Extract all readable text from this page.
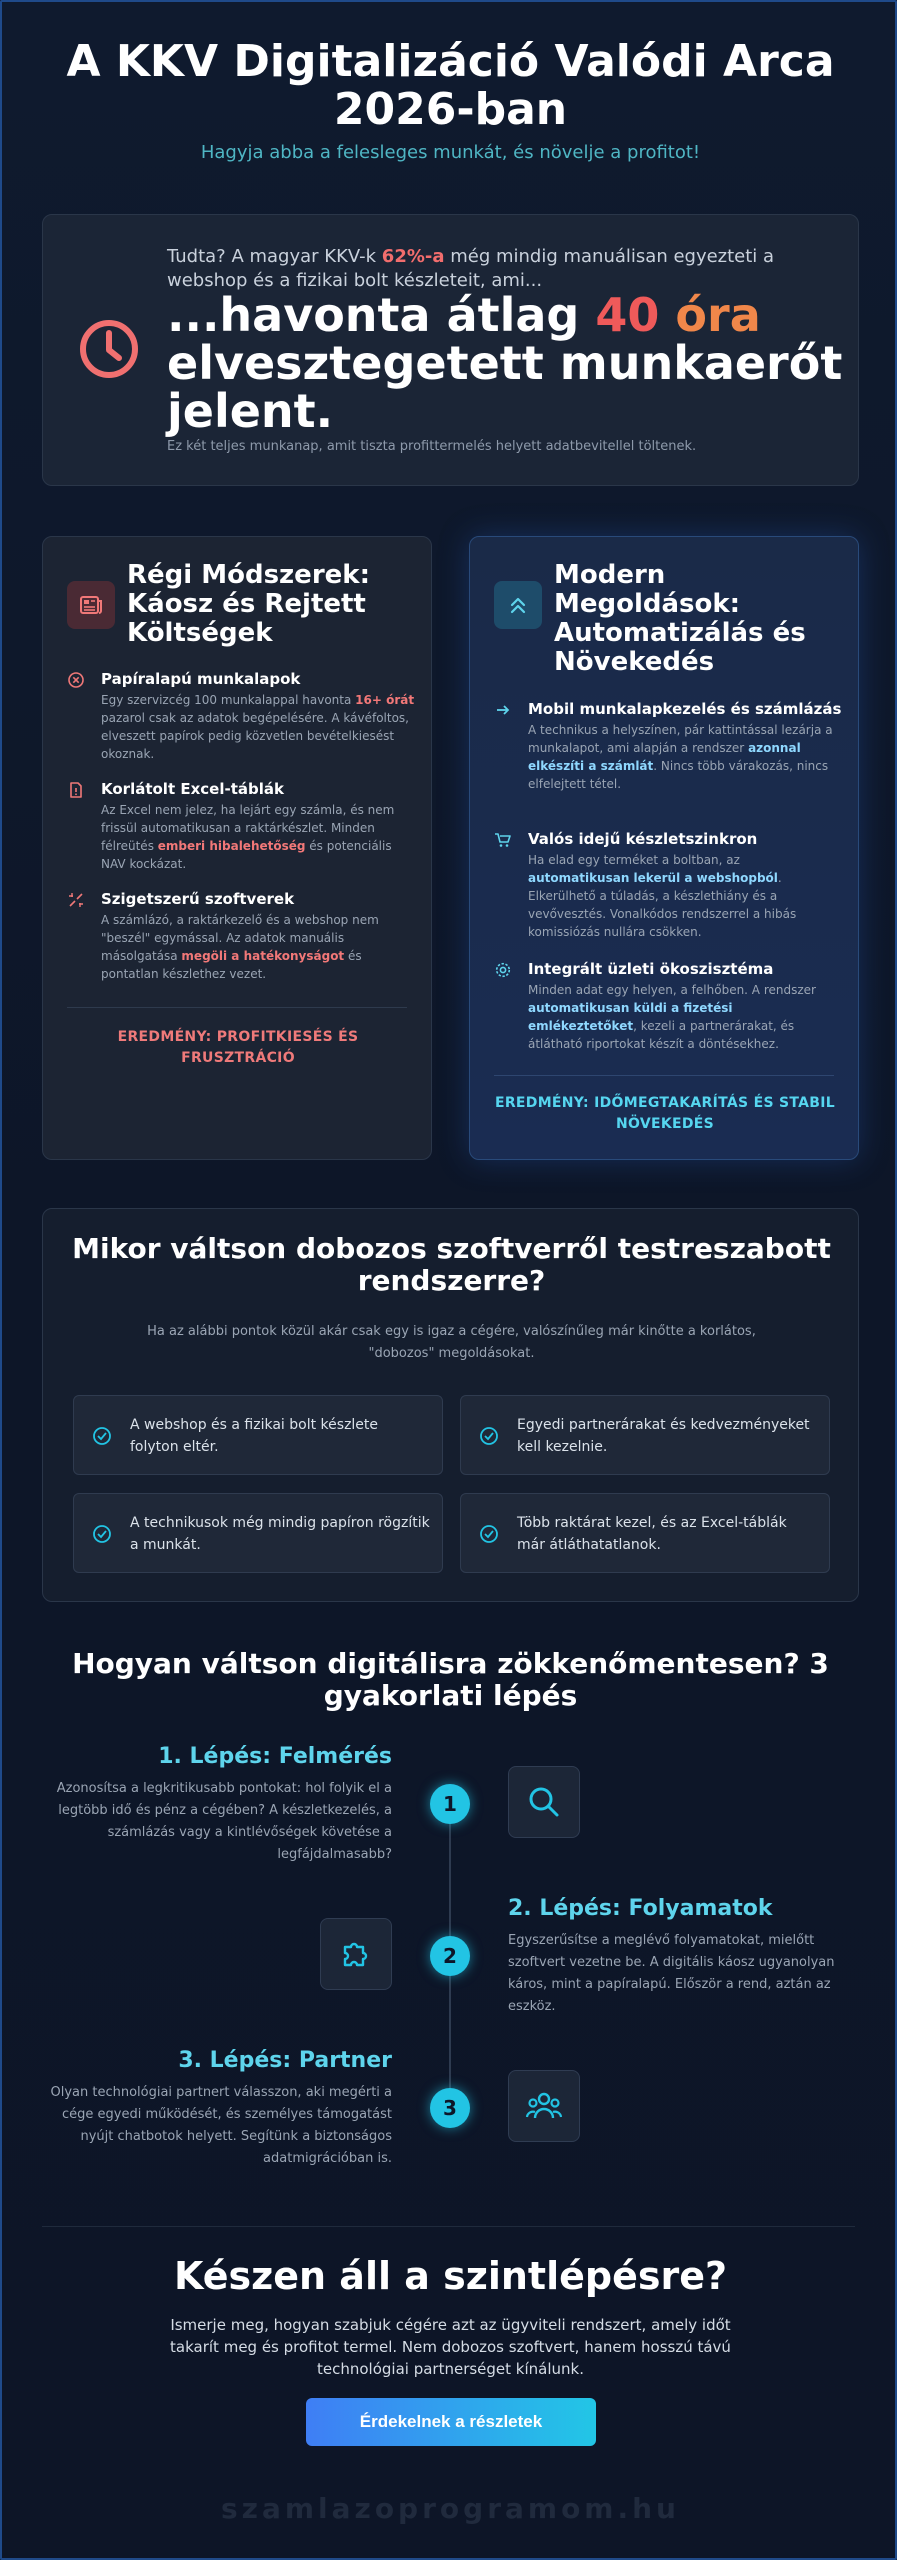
A KKV Digitalizáció Valódi Arca 2026-ban
Hagyja abba a felesleges munkát, és növelje a profitot!
Tudta? A magyar KKV-k 62%-a még mindig manuálisan egyezteti a webshop és a fizikai bolt készleteit, ami...
...havonta átlag 40 óra
elvesztegetett munkaerőt jelent.
Ez két teljes munkanap, amit tiszta profittermelés helyett adatbevitellel töltenek.
Régi Módszerek: Káosz és Rejtett Költségek
Papíralapú munkalapok
Egy szervizcég 100 munkalappal havonta 16+ órát pazarol csak az adatok begépelésére. A kávéfoltos, elveszett papírok pedig közvetlen bevételkiesést okoznak.
Korlátolt Excel-táblák
Az Excel nem jelez, ha lejárt egy számla, és nem frissül automatikusan a raktárkészlet. Minden félreütés emberi hibalehetőség és potenciális NAV kockázat.
Szigetszerű szoftverek
A számlázó, a raktárkezelő és a webshop nem "beszél" egymással. Az adatok manuális másolgatása megöli a hatékonyságot és pontatlan készlethez vezet.
EREDMÉNY: PROFITKIESÉS ÉS FRUSZTRÁCIÓ
Modern Megoldások: Automatizálás és Növekedés
Mobil munkalapkezelés és számlázás
A technikus a helyszínen, pár kattintással lezárja a munkalapot, ami alapján a rendszer azonnal elkészíti a számlát. Nincs több várakozás, nincs elfelejtett tétel.
Valós idejű készletszinkron
Ha elad egy terméket a boltban, az automatikusan lekerül a webshopból. Elkerülhető a túladás, a készlethiány és a vevővesztés. Vonalkódos rendszerrel a hibás komissiózás nullára csökken.
Integrált üzleti ökoszisztéma
Minden adat egy helyen, a felhőben. A rendszer automatikusan küldi a fizetési emlékeztetőket, kezeli a partnerárakat, és átlátható riportokat készít a döntésekhez.
EREDMÉNY: IDŐMEGTAKARÍTÁS ÉS STABIL NÖVEKEDÉS
Mikor váltson dobozos szoftverről testreszabott rendszerre?
Ha az alábbi pontok közül akár csak egy is igaz a cégére, valószínűleg már kinőtte a korlátos, "dobozos" megoldásokat.
A webshop és a fizikai bolt készlete folyton eltér.
Egyedi partnerárakat és kedvezményeket kell kezelnie.
A technikusok még mindig papíron rögzítik a munkát.
Több raktárat kezel, és az Excel-táblák már átláthatatlanok.
Hogyan váltson digitálisra zökkenőmentesen? 3 gyakorlati lépés
1. Lépés: Felmérés
Azonosítsa a legkritikusabb pontokat: hol folyik el a legtöbb idő és pénz a cégében? A készletkezelés, a számlázás vagy a kintlévőségek követése a legfájdalmasabb?
1
2
2. Lépés: Folyamatok
Egyszerűsítse a meglévő folyamatokat, mielőtt szoftvert vezetne be. A digitális káosz ugyanolyan káros, mint a papíralapú. Először a rend, aztán az eszköz.
3. Lépés: Partner
Olyan technológiai partnert válasszon, aki megérti a cége egyedi működését, és személyes támogatást nyújt chatbotok helyett. Segítünk a biztonságos adatmigrációban is.
3
Készen áll a szintlépésre?
Ismerje meg, hogyan szabjuk cégére azt az ügyviteli rendszert, amely időt takarít meg és profitot termel. Nem dobozos szoftvert, hanem hosszú távú technológiai partnerséget kínálunk.
Érdekelnek a részletek
szamlazoprogramom.hu
